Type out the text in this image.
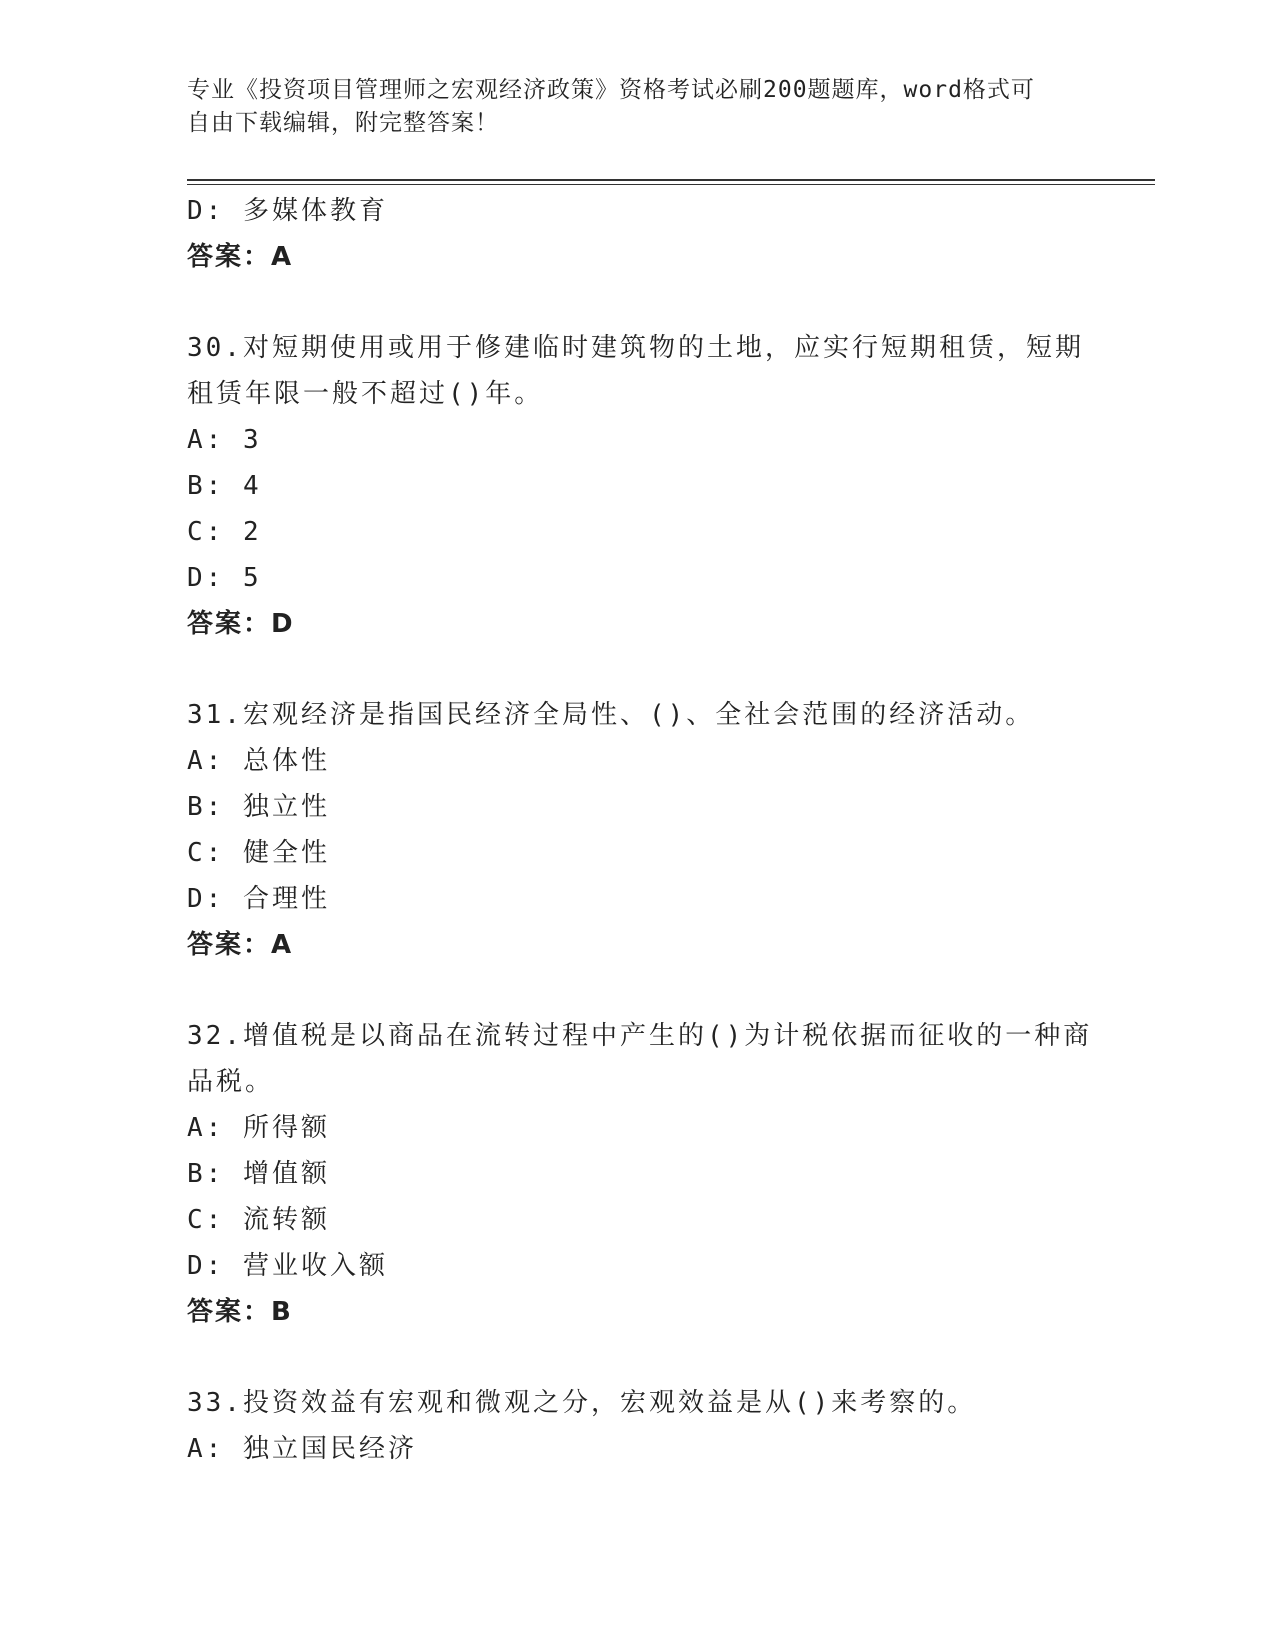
专业《投资项目管理师之宏观经济政策》资格考试必刷200题题库，word格式可
自由下载编辑，附完整答案！
D: 多媒体教育
答案：A
30.对短期使用或用于修建临时建筑物的土地，应实行短期租赁，短期
租赁年限一般不超过()年。
A: 3
B: 4
C: 2
D: 5
答案：D
31.宏观经济是指国民经济全局性、()、全社会范围的经济活动。
A: 总体性
B: 独立性
C: 健全性
D: 合理性
答案：A
32.增值税是以商品在流转过程中产生的()为计税依据而征收的一种商
品税。
A: 所得额
B: 增值额
C: 流转额
D: 营业收入额
答案：B
33.投资效益有宏观和微观之分，宏观效益是从()来考察的。
A: 独立国民经济
